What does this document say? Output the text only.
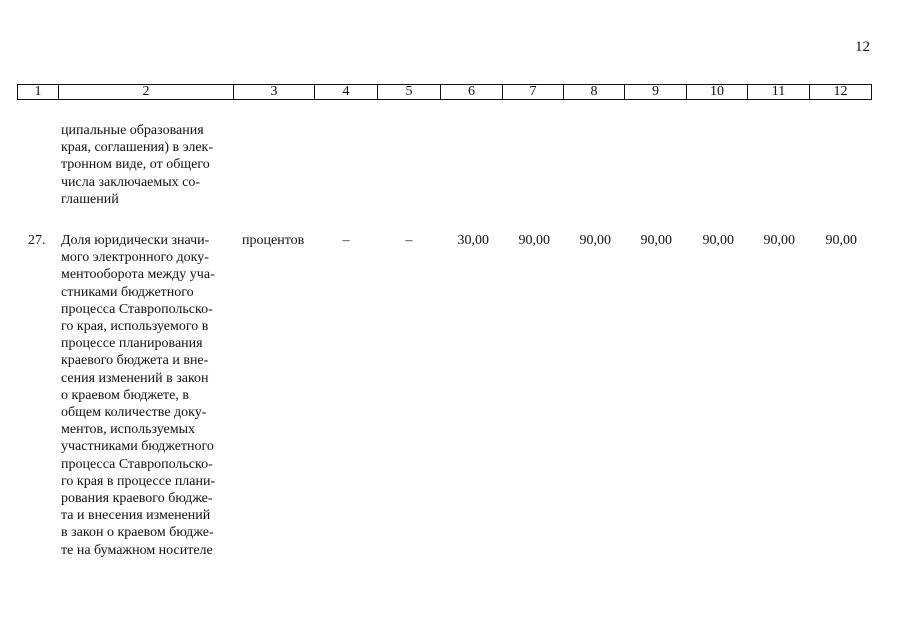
12
1	2	3	4	5	6	7	8	9	10	11	12
ципальные образования
края, соглашения) в элек-
тронном виде, от общего
числа заключаемых со-
глашений
27. Доля юридически значи-
мого электронного доку-
ментооборота между уча-
стниками бюджетного
процесса Ставропольско-
го края, используемого в
процессе планирования
краевого бюджета и вне-
сения изменений в закон
о краевом бюджете, в
общем количестве доку-
ментов, используемых
участниками бюджетного
процесса Ставропольско-
го края в процессе плани-
рования краевого бюдже-
та и внесения изменений
в закон о краевом бюдже-
те на бумажном носителе
процентов	–	–	30,00	90,00	90,00	90,00	90,00	90,00	90,00
